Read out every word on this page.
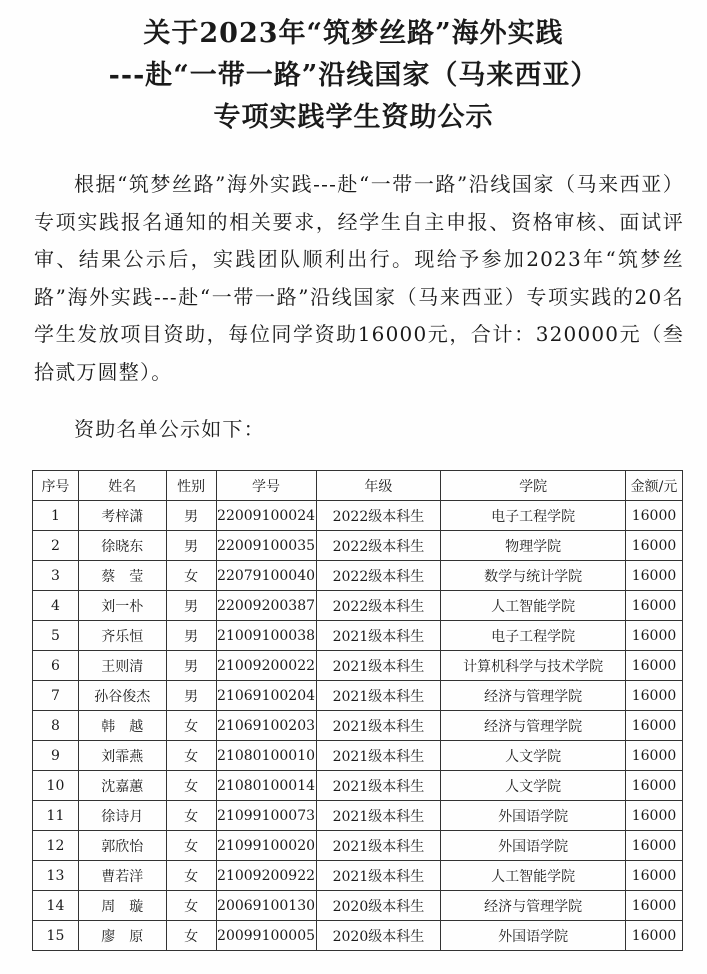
关于2023年“筑梦丝路”海外实践
---赴“一带一路”沿线国家（马来西亚）
专项实践学生资助公示

根据“筑梦丝路”海外实践---赴“一带一路”沿线国家（马来西亚）专项实践报名通知的相关要求，经学生自主申报、资格审核、面试评审、结果公示后，实践团队顺利出行。现给予参加2023年“筑梦丝路”海外实践---赴“一带一路”沿线国家（马来西亚）专项实践的20名学生发放项目资助，每位同学资助16000元，合计：320000元（叁拾贰万圆整）。

资助名单公示如下：
序号	姓名	性别	学号	年级	学院	金额/元
1	考梓潇	男	22009100024	2022级本科生	电子工程学院	16000
2	徐晓东	男	22009100035	2022级本科生	物理学院	16000
3	蔡　莹	女	22079100040	2022级本科生	数学与统计学院	16000
4	刘一朴	男	22009200387	2022级本科生	人工智能学院	16000
5	齐乐恒	男	21009100038	2021级本科生	电子工程学院	16000
6	王则清	男	21009200022	2021级本科生	计算机科学与技术学院	16000
7	孙谷俊杰	男	21069100204	2021级本科生	经济与管理学院	16000
8	韩　越	女	21069100203	2021级本科生	经济与管理学院	16000
9	刘霏燕	女	21080100010	2021级本科生	人文学院	16000
10	沈嘉蕙	女	21080100014	2021级本科生	人文学院	16000
11	徐诗月	女	21099100073	2021级本科生	外国语学院	16000
12	郭欣怡	女	21099100020	2021级本科生	外国语学院	16000
13	曹若洋	女	21009200922	2021级本科生	人工智能学院	16000
14	周　璇	女	20069100130	2020级本科生	经济与管理学院	16000
15	廖　原	女	20099100005	2020级本科生	外国语学院	16000
